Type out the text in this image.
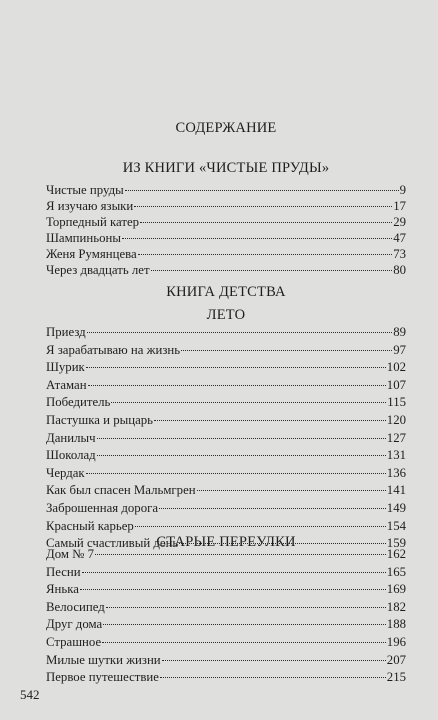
СОДЕРЖАНИЕ
ИЗ КНИГИ «ЧИСТЫЕ ПРУДЫ»
КНИГА ДЕТСТВА
ЛЕТО
СТАРЫЕ ПЕРЕУЛКИ
Чистые пруды	9
Я изучаю языки	17
Торпедный катер	29
Шампиньоны	47
Женя Румянцева	73
Через двадцать лет	80
Приезд	89
Я зарабатываю на жизнь	97
Шурик	102
Атаман	107
Победитель	115
Пастушка и рыцарь	120
Данилыч	127
Шоколад	131
Чердак	136
Как был спасен Мальмгрен	141
Заброшенная дорога	149
Красный карьер	154
Самый счастливый день	159
Дом № 7	162
Песни	165
Янька	169
Велосипед	182
Друг дома	188
Страшное	196
Милые шутки жизни	207
Первое путешествие	215
542
